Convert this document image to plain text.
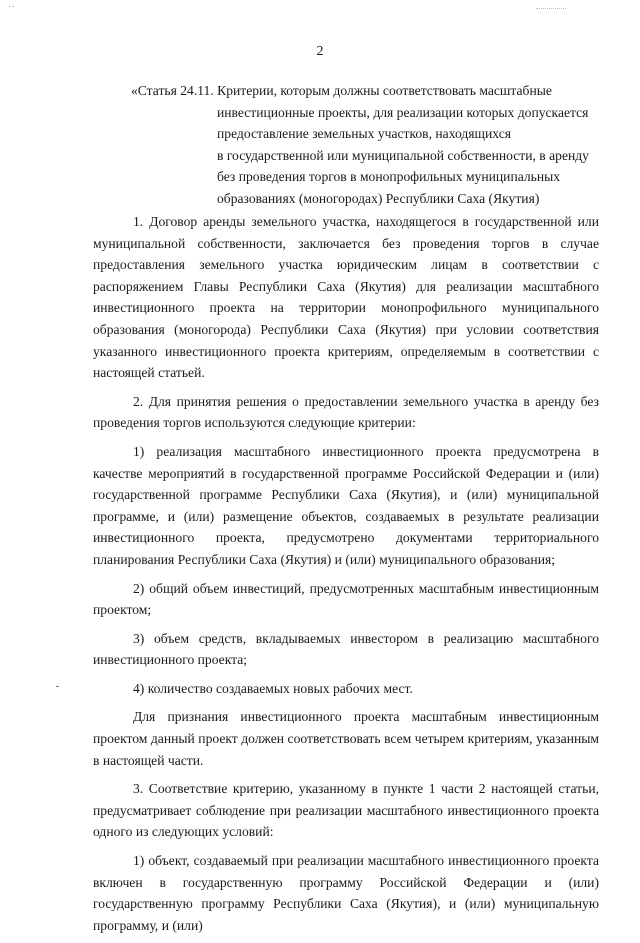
··
2
«Статья 24.11. Критерии, которым должны соответствовать масштабные
инвестиционные проекты, для реализации которых допускается
предоставление земельных участков, находящихся
в государственной или муниципальной собственности, в аренду
без проведения торгов в монопрофильных муниципальных
образованиях (моногородах) Республики Саха (Якутия)

1. Договор аренды земельного участка, находящегося в государственной или муниципальной собственности, заключается без проведения торгов в случае предоставления земельного участка юридическим лицам в соответствии с распоряжением Главы Республики Саха (Якутия) для реализации масштабного инвестиционного проекта на территории монопрофильного муниципального образования (моногорода) Республики Саха (Якутия) при условии соответствия указанного инвестиционного проекта критериям, определяемым в соответствии с настоящей статьей.

2. Для принятия решения о предоставлении земельного участка в аренду без проведения торгов используются следующие критерии:

1) реализация масштабного инвестиционного проекта предусмотрена в качестве мероприятий в государственной программе Российской Федерации и (или) государственной программе Республики Саха (Якутия), и (или) муниципальной программе, и (или) размещение объектов, создаваемых в результате реализации инвестиционного проекта, предусмотрено документами территориального планирования Республики Саха (Якутия) и (или) муниципального образования;

2) общий объем инвестиций, предусмотренных масштабным инвестиционным проектом;

3) объем средств, вкладываемых инвестором в реализацию масштабного инвестиционного проекта;

4) количество создаваемых новых рабочих мест.

Для признания инвестиционного проекта масштабным инвестиционным проектом данный проект должен соответствовать всем четырем критериям, указанным в настоящей части.

3. Соответствие критерию, указанному в пункте 1 части 2 настоящей статьи, предусматривает соблюдение при реализации масштабного инвестиционного проекта одного из следующих условий:

1) объект, создаваемый при реализации масштабного инвестиционного проекта включен в государственную программу Российской Федерации и (или) государственную программу Республики Саха (Якутия), и (или) муниципальную программу, и (или)
